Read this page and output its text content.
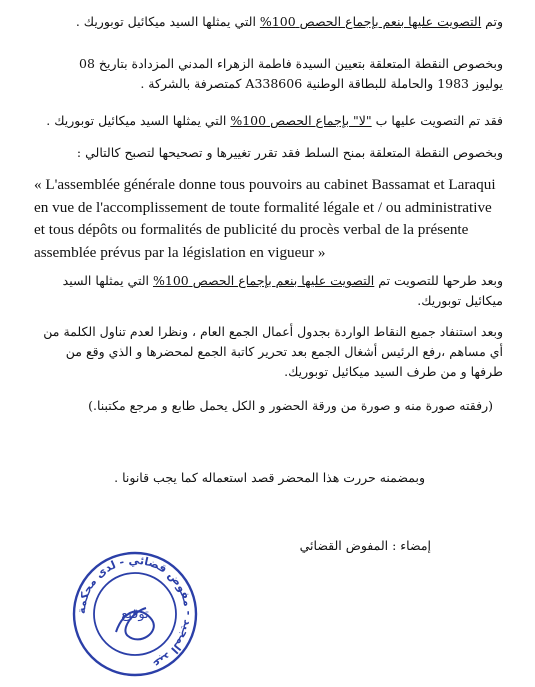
وتم التصويت عليها بنعم بإجماع الحصص 100% التي يمثلها السيد ميكائيل توبوريك .
وبخصوص النقطة المتعلقة بتعيين السيدة فاطمة الزهراء المدني المزدادة بتاريخ 08
يوليوز 1983 والحاملة للبطاقة الوطنية A338606 كمتصرفة بالشركة .
فقد تم التصويت عليها ب "لا" بإجماع الحصص 100% التي يمثلها السيد ميكائيل توبوريك .
وبخصوص النقطة المتعلقة بمنح السلط فقد تقرر تغييرها و تصحيحها لتصبح كالتالي :
« L'assemblée générale donne tous pouvoirs au cabinet Bassamat et Laraqui en vue de l'accomplissement de toute formalité légale et / ou administrative et tous dépôts ou formalités de publicité du procès verbal de la présente assemblée prévus par la législation en vigueur »
وبعد طرحها للتصويت تم التصويت عليها بنعم بإجماع الحصص 100% التي يمثلها السيد
ميكائيل توبوريك.
وبعد استنفاد جميع النقاط الواردة بجدول أعمال الجمع العام ، ونظرا لعدم تناول الكلمة من
أي مساهم ،رفع الرئيس أشغال الجمع بعد تحرير كاتبة الجمع لمحضرها و الذي وقع من
طرفها و من طرف السيد ميكائيل توبوريك.
(رفقته صورة منه و صورة من ورقة الحضور و الكل يحمل طابع و مرجع مكتبنا.)
وبمضمنه حررت هذا المحضر قصد استعماله كما يجب قانونا .
إمضاء : المفوض القضائي
عبد المجيد - مفوض قضائي - لدى محكمة
توقيع
